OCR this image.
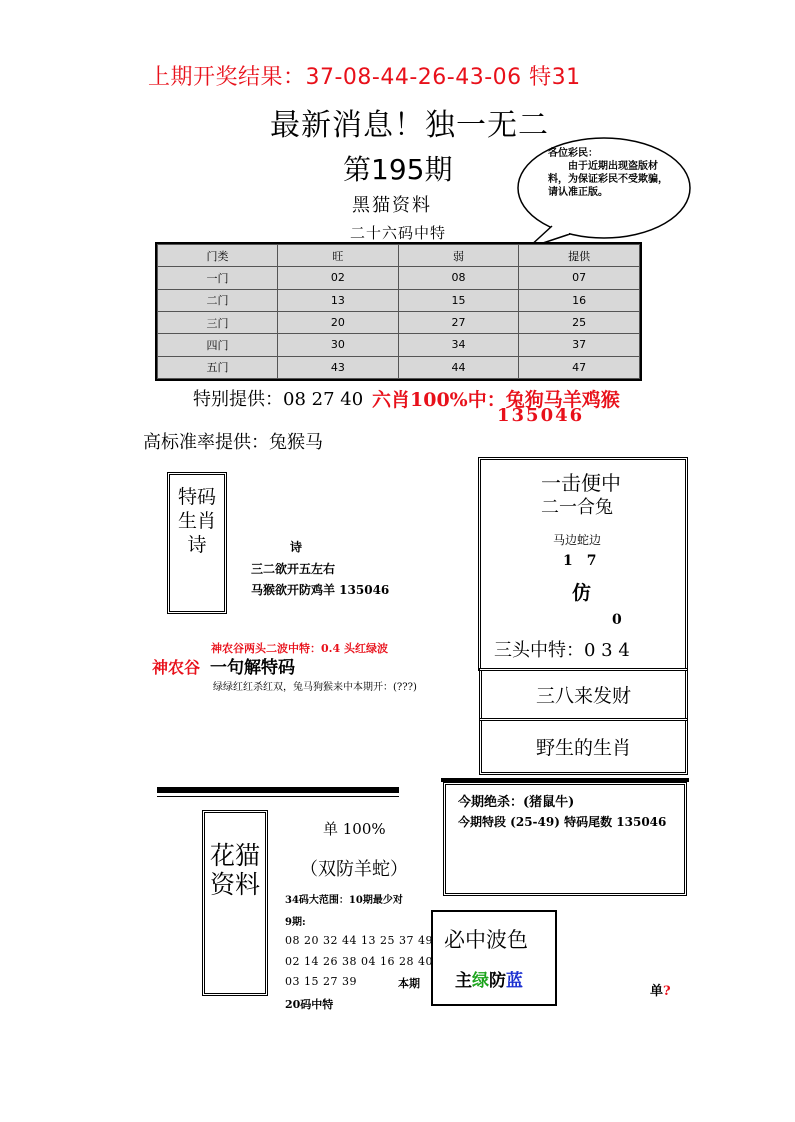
上期开奖结果：37-08-44-26-43-06 特31
最新消息！独一无二
第195期
黑猫资料
二十六码中特
各位彩民：
由于近期出现盗版材料，为保证彩民不受欺骗，请认准正版。
门类	旺	弱	提供
一门	02	08	07
二门	13	15	16
三门	20	27	25
四门	30	34	37
五门	43	44	47
特别提供：08 27 40 六肖100%中：兔狗马羊鸡猴
135046
高标准率提供：兔猴马
特码生肖诗	诗
三二欲开五左右
马猴欲开防鸡羊 135046
神农谷两头二波中特：0.4 头红绿波
神农谷 一句解特码
绿绿红红杀红双，兔马狗猴来中本期开：(???)
一击便中
二一合兔
马边蛇边
1　7
仿
0
三头中特：0 3 4
三八来发财
野生的生肖
今期绝杀：(猪鼠牛)
今期特段 (25-49) 特码尾数 135046
花猫资料
单 100%
（双防羊蛇）
34码大范围：10期最少对
9期:
08 20 32 44 13 25 37 49
02 14 26 38 04 16 28 40
03 15 27 39	本期
20码中特
必中波色
主绿防蓝
单?
